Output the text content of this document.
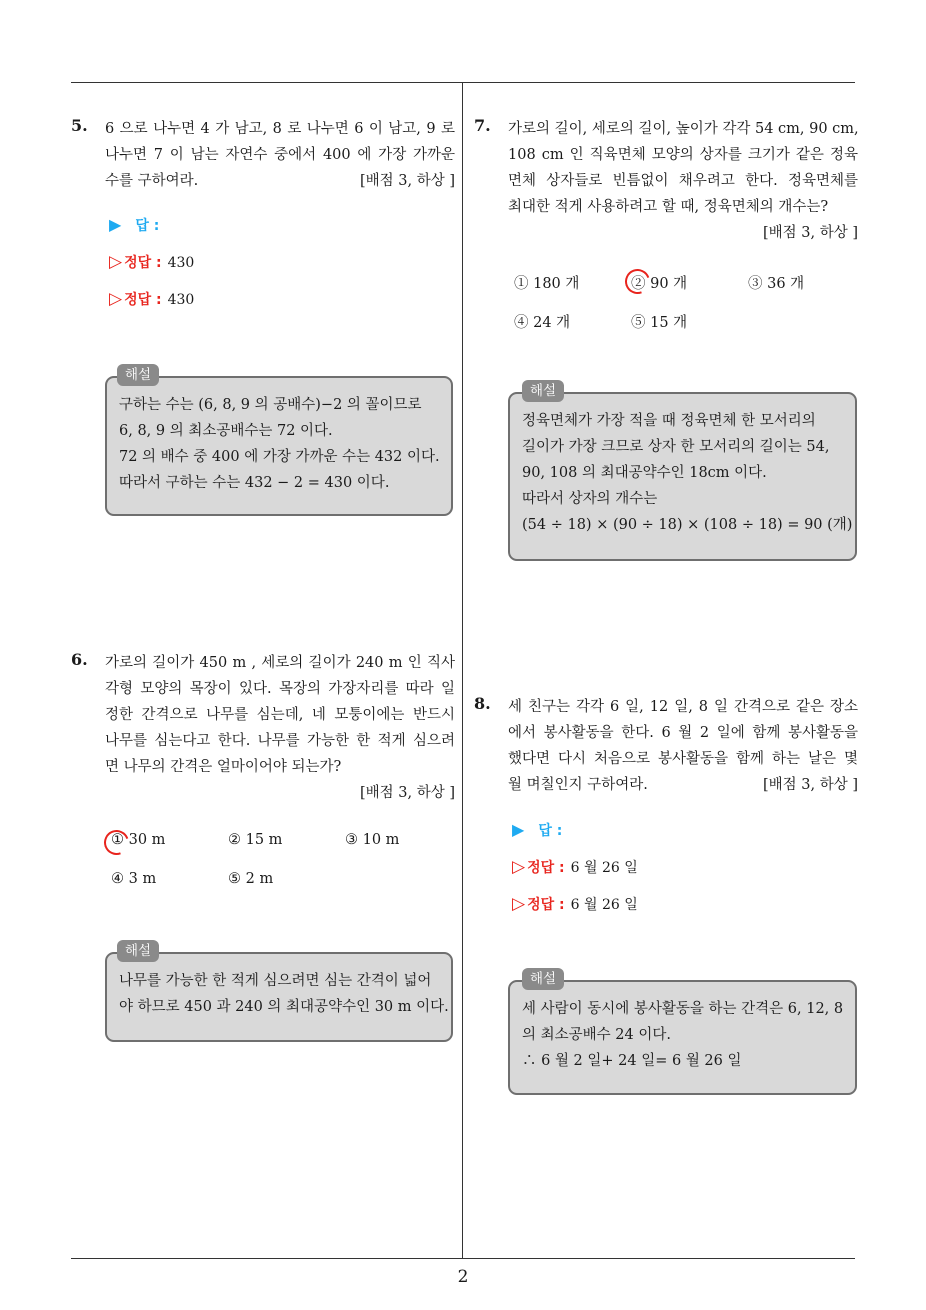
2
5. 6 으로 나누면 4 가 남고, 8 로 나누면 6 이 남고, 9 로
나누면 7 이 남는 자연수 중에서 400 에 가장 가까운
수를 구하여라.	[배점 3, 하상 ]
▶ 답 :
▷ 정답 : 430
▷ 정답 : 430
구하는 수는 (6, 8, 9 의 공배수)−2 의 꼴이므로
6, 8, 9 의 최소공배수는 72 이다.
72 의 배수 중 400 에 가장 가까운 수는 432 이다.
따라서 구하는 수는 432 − 2 = 430 이다.
해설
6. 가로의 길이가 450 m , 세로의 길이가 240 m 인 직사
각형 모양의 목장이 있다. 목장의 가장자리를 따라 일
정한 간격으로 나무를 심는데, 네 모퉁이에는 반드시
나무를 심는다고 한다. 나무를 가능한 한 적게 심으려
면 나무의 간격은 얼마이어야 되는가?
[배점 3, 하상 ]
① 30 m	② 15 m	③ 10 m
④ 3 m	⑤ 2 m
나무를 가능한 한 적게 심으려면 심는 간격이 넓어
야 하므로 450 과 240 의 최대공약수인 30 m 이다.
해설
7. 가로의 길이, 세로의 길이, 높이가 각각 54 cm, 90 cm,
108 cm 인 직육면체 모양의 상자를 크기가 같은 정육
면체 상자들로 빈틈없이 채우려고 한다. 정육면체를
최대한 적게 사용하려고 할 때, 정육면체의 개수는?
[배점 3, 하상 ]
① 180 개	② 90 개	③ 36 개
④ 24 개	⑤ 15 개
정육면체가 가장 적을 때 정육면체 한 모서리의
길이가 가장 크므로 상자 한 모서리의 길이는 54,
90, 108 의 최대공약수인 18cm 이다.
따라서 상자의 개수는
(54 ÷ 18) × (90 ÷ 18) × (108 ÷ 18) = 90 (개)
해설
8. 세 친구는 각각 6 일, 12 일, 8 일 간격으로 같은 장소
에서 봉사활동을 한다. 6 월 2 일에 함께 봉사활동을
했다면 다시 처음으로 봉사활동을 함께 하는 날은 몇
월 며칠인지 구하여라.	[배점 3, 하상 ]
▶ 답 :
▷ 정답 : 6 월 26 일
▷ 정답 : 6 월 26 일
세 사람이 동시에 봉사활동을 하는 간격은 6, 12, 8
의 최소공배수 24 이다.
∴ 6 월 2 일+ 24 일= 6 월 26 일
해설
